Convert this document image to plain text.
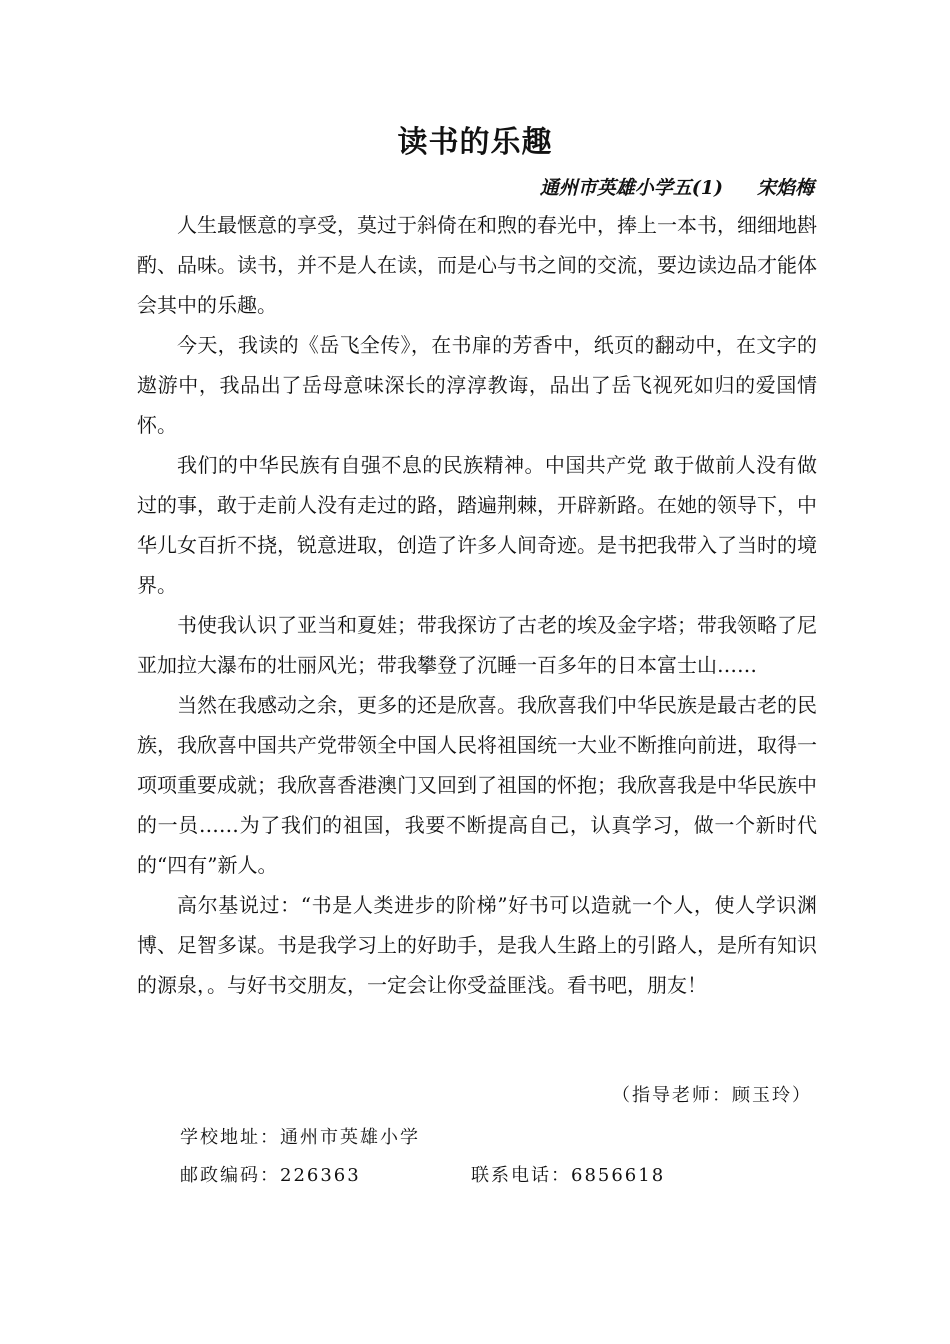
读书的乐趣
通州市英雄小学五(1) 宋焰梅

人生最惬意的享受，莫过于斜倚在和煦的春光中，捧上一本书，细细地斟酌、品味。读书，并不是人在读，而是心与书之间的交流，要边读边品才能体会其中的乐趣。

今天，我读的《岳飞全传》，在书扉的芳香中，纸页的翻动中，在文字的遨游中，我品出了岳母意味深长的淳淳教诲，品出了岳飞视死如归的爱国情怀。

我们的中华民族有自强不息的民族精神。中国共产党 敢于做前人没有做过的事，敢于走前人没有走过的路，踏遍荆棘，开辟新路。在她的领导下，中华儿女百折不挠，锐意进取，创造了许多人间奇迹。是书把我带入了当时的境界。

书使我认识了亚当和夏娃；带我探访了古老的埃及金字塔；带我领略了尼亚加拉大瀑布的壮丽风光；带我攀登了沉睡一百多年的日本富士山……

当然在我感动之余，更多的还是欣喜。我欣喜我们中华民族是最古老的民族，我欣喜中国共产党带领全中国人民将祖国统一大业不断推向前进，取得一项项重要成就；我欣喜香港澳门又回到了祖国的怀抱；我欣喜我是中华民族中的一员……为了我们的祖国，我要不断提高自己，认真学习，做一个新时代的“四有”新人。

高尔基说过：“书是人类进步的阶梯”好书可以造就一个人，使人学识渊博、足智多谋。书是我学习上的好助手，是我人生路上的引路人，是所有知识的源泉，。与好书交朋友，一定会让你受益匪浅。看书吧，朋友！

（指导老师：顾玉玲）
学校地址：通州市英雄小学
邮政编码：226363	联系电话：6856618
